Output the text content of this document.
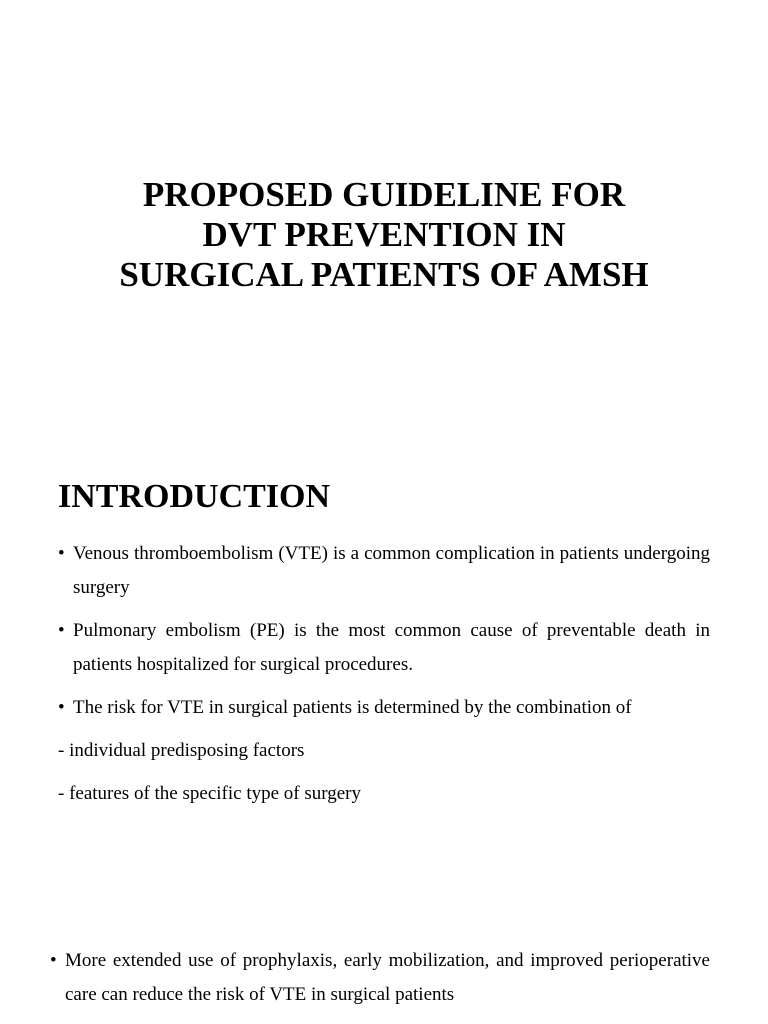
PROPOSED GUIDELINE FOR
DVT PREVENTION IN
SURGICAL PATIENTS OF AMSH
INTRODUCTION
• Venous thromboembolism (VTE) is a common complication in patients undergoing surgery
• Pulmonary embolism (PE) is the most common cause of preventable death in patients hospitalized for surgical procedures.
• The risk for VTE in surgical patients is determined by the combination of
- individual predisposing factors
- features of the specific type of surgery
• More extended use of prophylaxis, early mobilization, and improved perioperative care can reduce the risk of VTE in surgical patients
